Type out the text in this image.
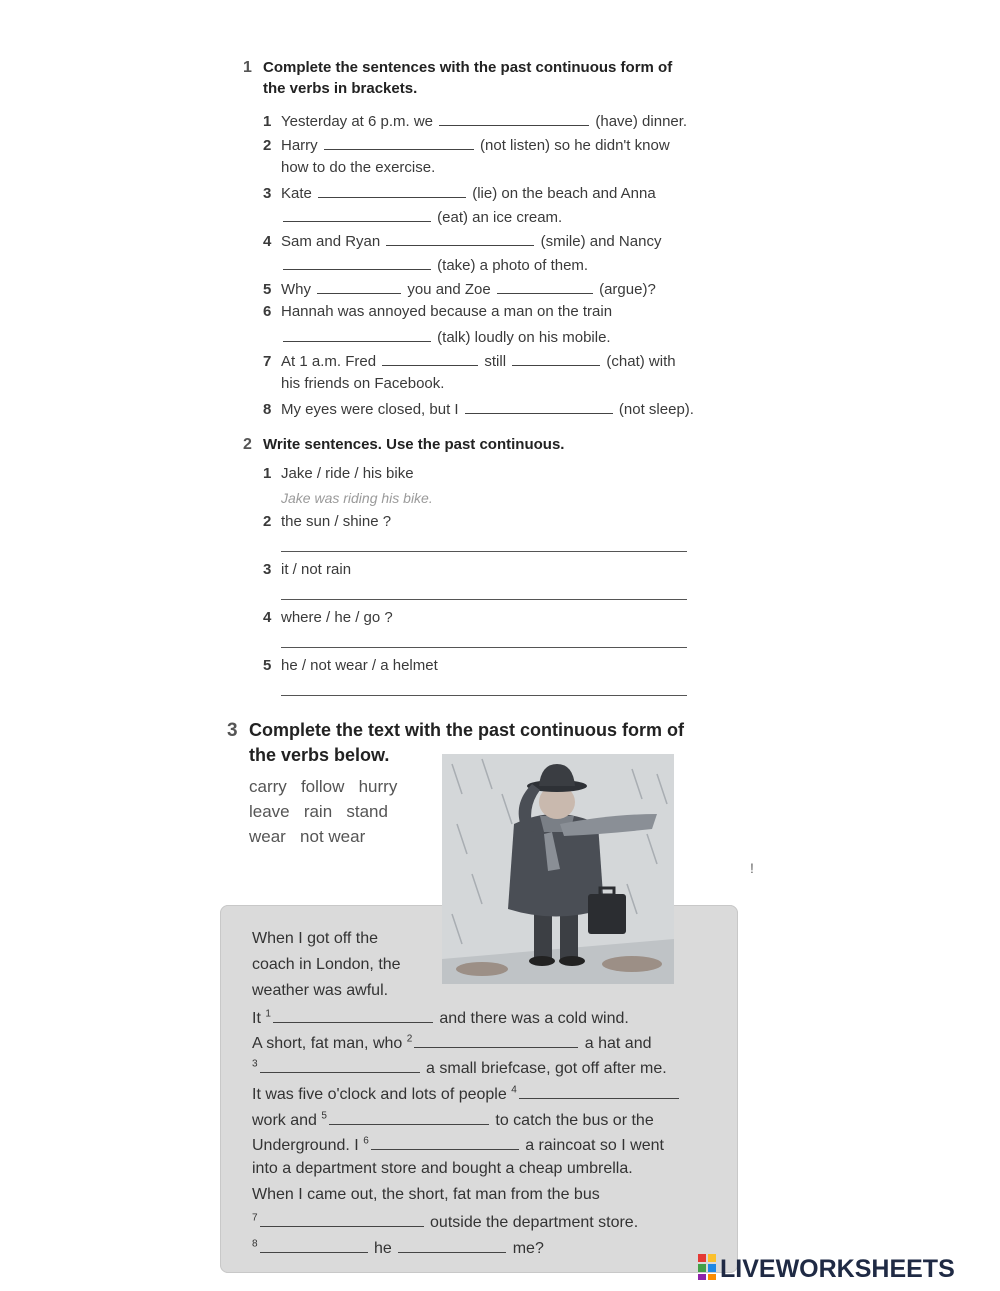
1 Complete the sentences with the past continuous form of
the verbs in brackets.
1 Yesterday at 6 p.m. we	(have) dinner.
2 Harry	(not listen) so he didn't know
how to do the exercise.
3 Kate	(lie) on the beach and Anna
(eat) an ice cream.
4 Sam and Ryan	(smile) and Nancy
(take) a photo of them.
5 Why	you and Zoe	(argue)?
6 Hannah was annoyed because a man on the train
(talk) loudly on his mobile.
7 At 1 a.m. Fred	still	(chat) with
his friends on Facebook.
8 My eyes were closed, but I	(not sleep).
2 Write sentences. Use the past continuous.
1 Jake / ride / his bike
Jake was riding his bike.
2 the sun / shine ?
3 it / not rain
4 where / he / go ?
5 he / not wear / a helmet
3 Complete the text with the past continuous form of
the verbs below.
carry follow hurry
leave rain stand
wear not wear
!
When I got off the
coach in London, the
weather was awful.
It $^1$	and there was a cold wind.
A short, fat man, who $^2$	a hat and
$^3$	a small briefcase, got off after me.
It was five o'clock and lots of people $^4$
work and $^5$	to catch the bus or the
Underground. I $^6$	a raincoat so I went
into a department store and bought a cheap umbrella.
When I came out, the short, fat man from the bus
$^7$	outside the department store.
$^8$	he	me?
LIVEWORKSHEETS
